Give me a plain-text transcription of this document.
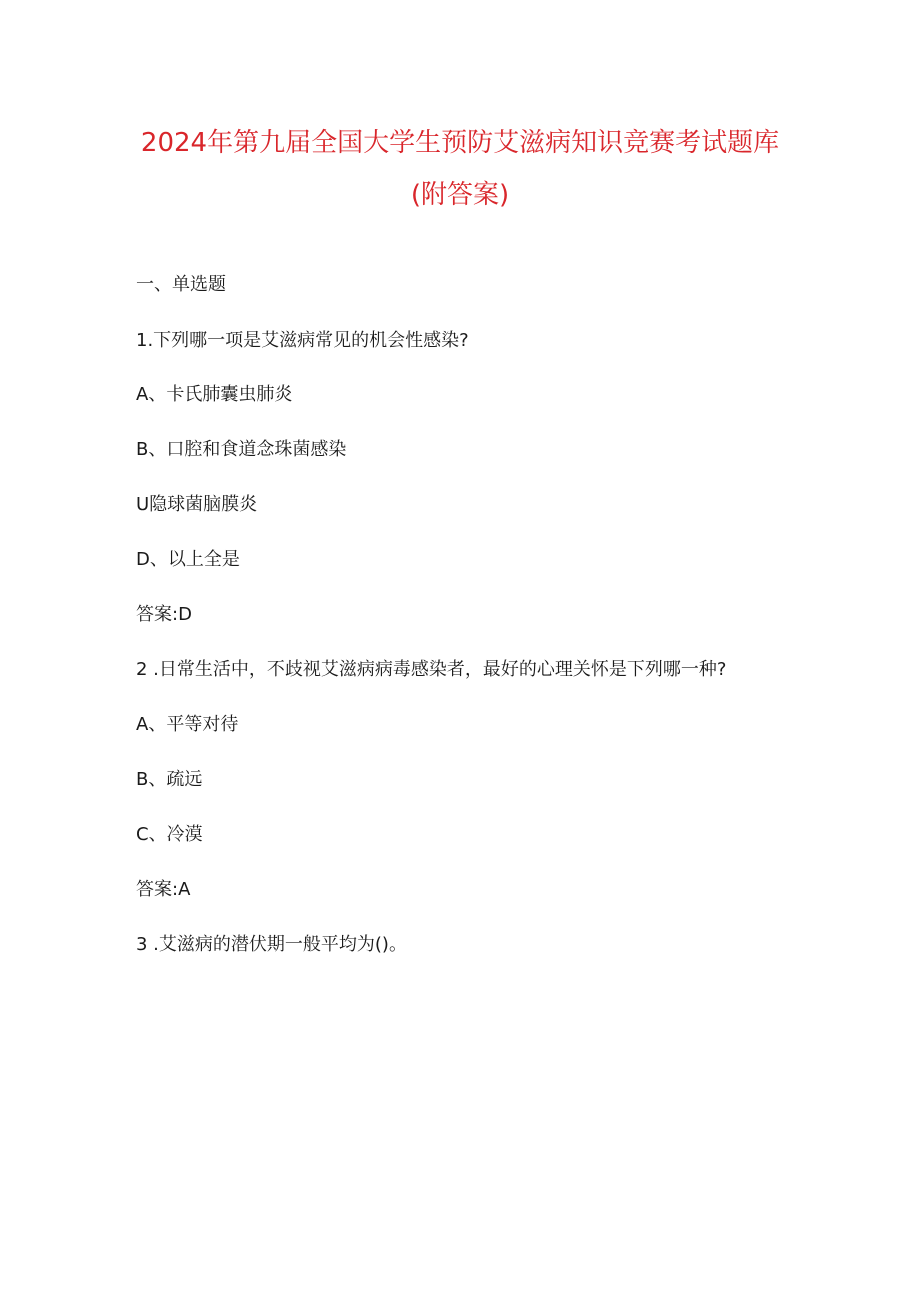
2024年第九届全国大学生预防艾滋病知识竞赛考试题库
(附答案)
一、单选题
1.下列哪一项是艾滋病常见的机会性感染?
A、卡氏肺囊虫肺炎
B、口腔和食道念珠菌感染
U隐球菌脑膜炎
D、以上全是
答案:D
2 .日常生活中，不歧视艾滋病病毒感染者，最好的心理关怀是下列哪一种?
A、平等对待
B、疏远
C、冷漠
答案:A
3 .艾滋病的潜伏期一般平均为()。
